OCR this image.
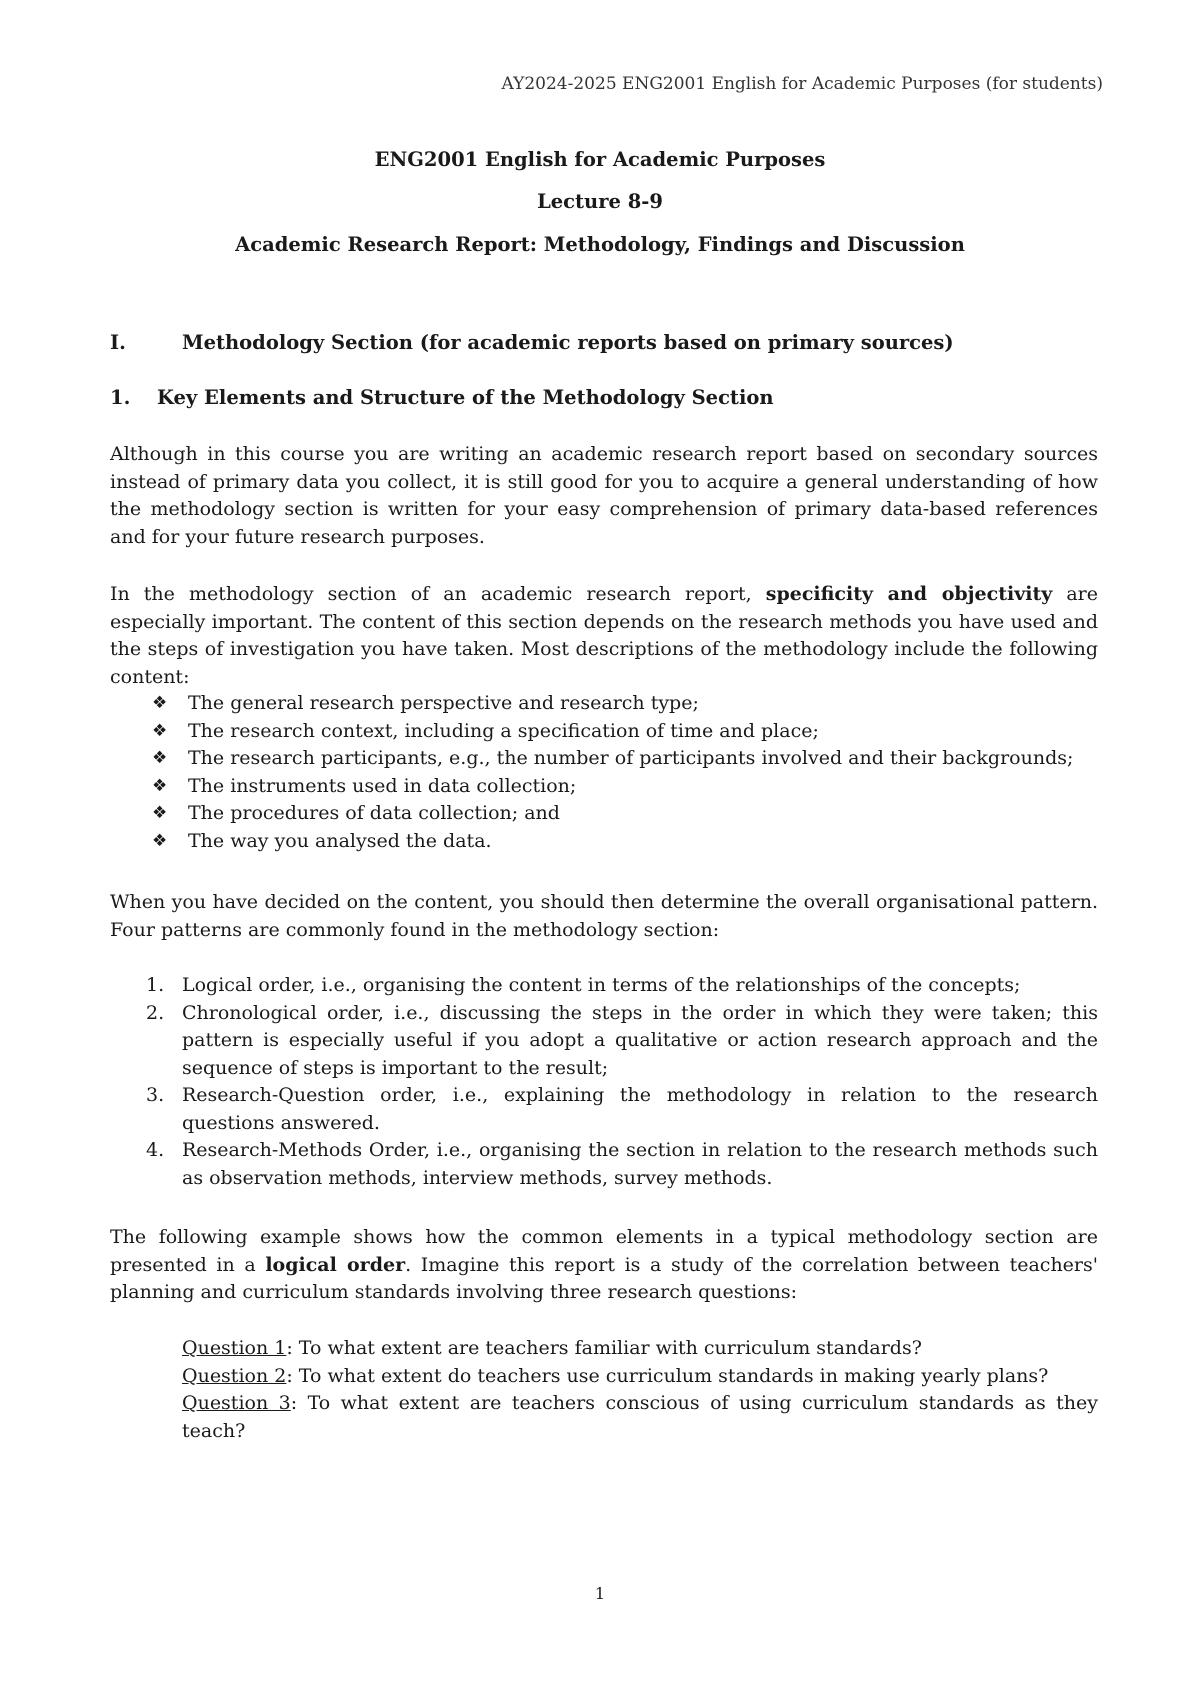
AY2024-2025 ENG2001 English for Academic Purposes (for students)
ENG2001 English for Academic Purposes
Lecture 8-9
Academic Research Report: Methodology, Findings and Discussion
I.	Methodology Section (for academic reports based on primary sources)
1. Key Elements and Structure of the Methodology Section
Although in this course you are writing an academic research report based on secondary sources instead of primary data you collect, it is still good for you to acquire a general understanding of how the methodology section is written for your easy comprehension of primary data-based references and for your future research purposes.
In the methodology section of an academic research report, specificity and objectivity are especially important. The content of this section depends on the research methods you have used and the steps of investigation you have taken. Most descriptions of the methodology include the following content:
❖ The general research perspective and research type;
❖ The research context, including a specification of time and place;
❖ The research participants, e.g., the number of participants involved and their backgrounds;
❖ The instruments used in data collection;
❖ The procedures of data collection; and
❖ The way you analysed the data.
When you have decided on the content, you should then determine the overall organisational pattern. Four patterns are commonly found in the methodology section:
1. Logical order, i.e., organising the content in terms of the relationships of the concepts;
2. Chronological order, i.e., discussing the steps in the order in which they were taken; this pattern is especially useful if you adopt a qualitative or action research approach and the sequence of steps is important to the result;
3. Research-Question order, i.e., explaining the methodology in relation to the research questions answered.
4. Research-Methods Order, i.e., organising the section in relation to the research methods such as observation methods, interview methods, survey methods.
The following example shows how the common elements in a typical methodology section are presented in a logical order. Imagine this report is a study of the correlation between teachers' planning and curriculum standards involving three research questions:
Question 1: To what extent are teachers familiar with curriculum standards?
Question 2: To what extent do teachers use curriculum standards in making yearly plans?
Question 3: To what extent are teachers conscious of using curriculum standards as they teach?
1
